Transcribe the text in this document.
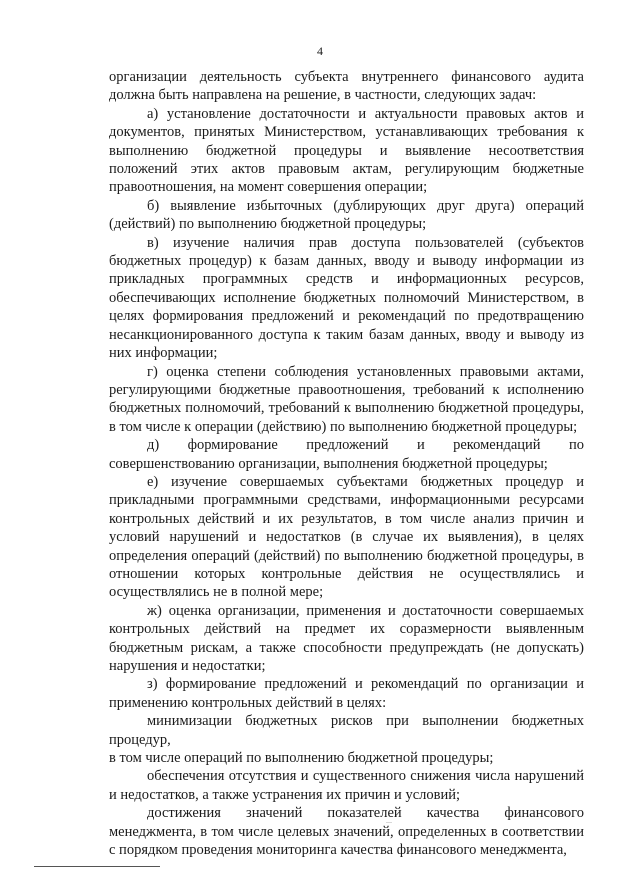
4

организации деятельность субъекта внутреннего финансового аудита должна быть направлена на решение, в частности, следующих задач:

а) установление достаточности и актуальности правовых актов и документов, принятых Министерством, устанавливающих требования к выполнению бюджетной процедуры и выявление несоответствия положений этих актов правовым актам, регулирующим бюджетные правоотношения, на момент совершения операции;

б) выявление избыточных (дублирующих друг друга) операций (действий) по выполнению бюджетной процедуры;

в) изучение наличия прав доступа пользователей (субъектов бюджетных процедур) к базам данных, вводу и выводу информации из прикладных программных средств и информационных ресурсов, обеспечивающих исполнение бюджетных полномочий Министерством, в целях формирования предложений и рекомендаций по предотвращению несанкционированного доступа к таким базам данных, вводу и выводу из них информации;

г) оценка степени соблюдения установленных правовыми актами, регулирующими бюджетные правоотношения, требований к исполнению бюджетных полномочий, требований к выполнению бюджетной процедуры, в том числе к операции (действию) по выполнению бюджетной процедуры;

д) формирование предложений и рекомендаций по совершенствованию организации, выполнения бюджетной процедуры;

е) изучение совершаемых субъектами бюджетных процедур и прикладными программными средствами, информационными ресурсами контрольных действий и их результатов, в том числе анализ причин и условий нарушений и недостатков (в случае их выявления), в целях определения операций (действий) по выполнению бюджетной процедуры, в отношении которых контрольные действия не осуществлялись и осуществлялись не в полной мере;

ж) оценка организации, применения и достаточности совершаемых контрольных действий на предмет их соразмерности выявленным бюджетным рискам, а также способности предупреждать (не допускать) нарушения и недостатки;

з) формирование предложений и рекомендаций по организации и применению контрольных действий в целях:

минимизации бюджетных рисков при выполнении бюджетных процедур,

в том числе операций по выполнению бюджетной процедуры;

обеспечения отсутствия и существенного снижения числа нарушений и недостатков, а также устранения их причин и условий;

достижения значений показателей качества финансового менеджмента, в том числе целевых значений, определенных в соответствии с порядком проведения мониторинга качества финансового менеджмента,
